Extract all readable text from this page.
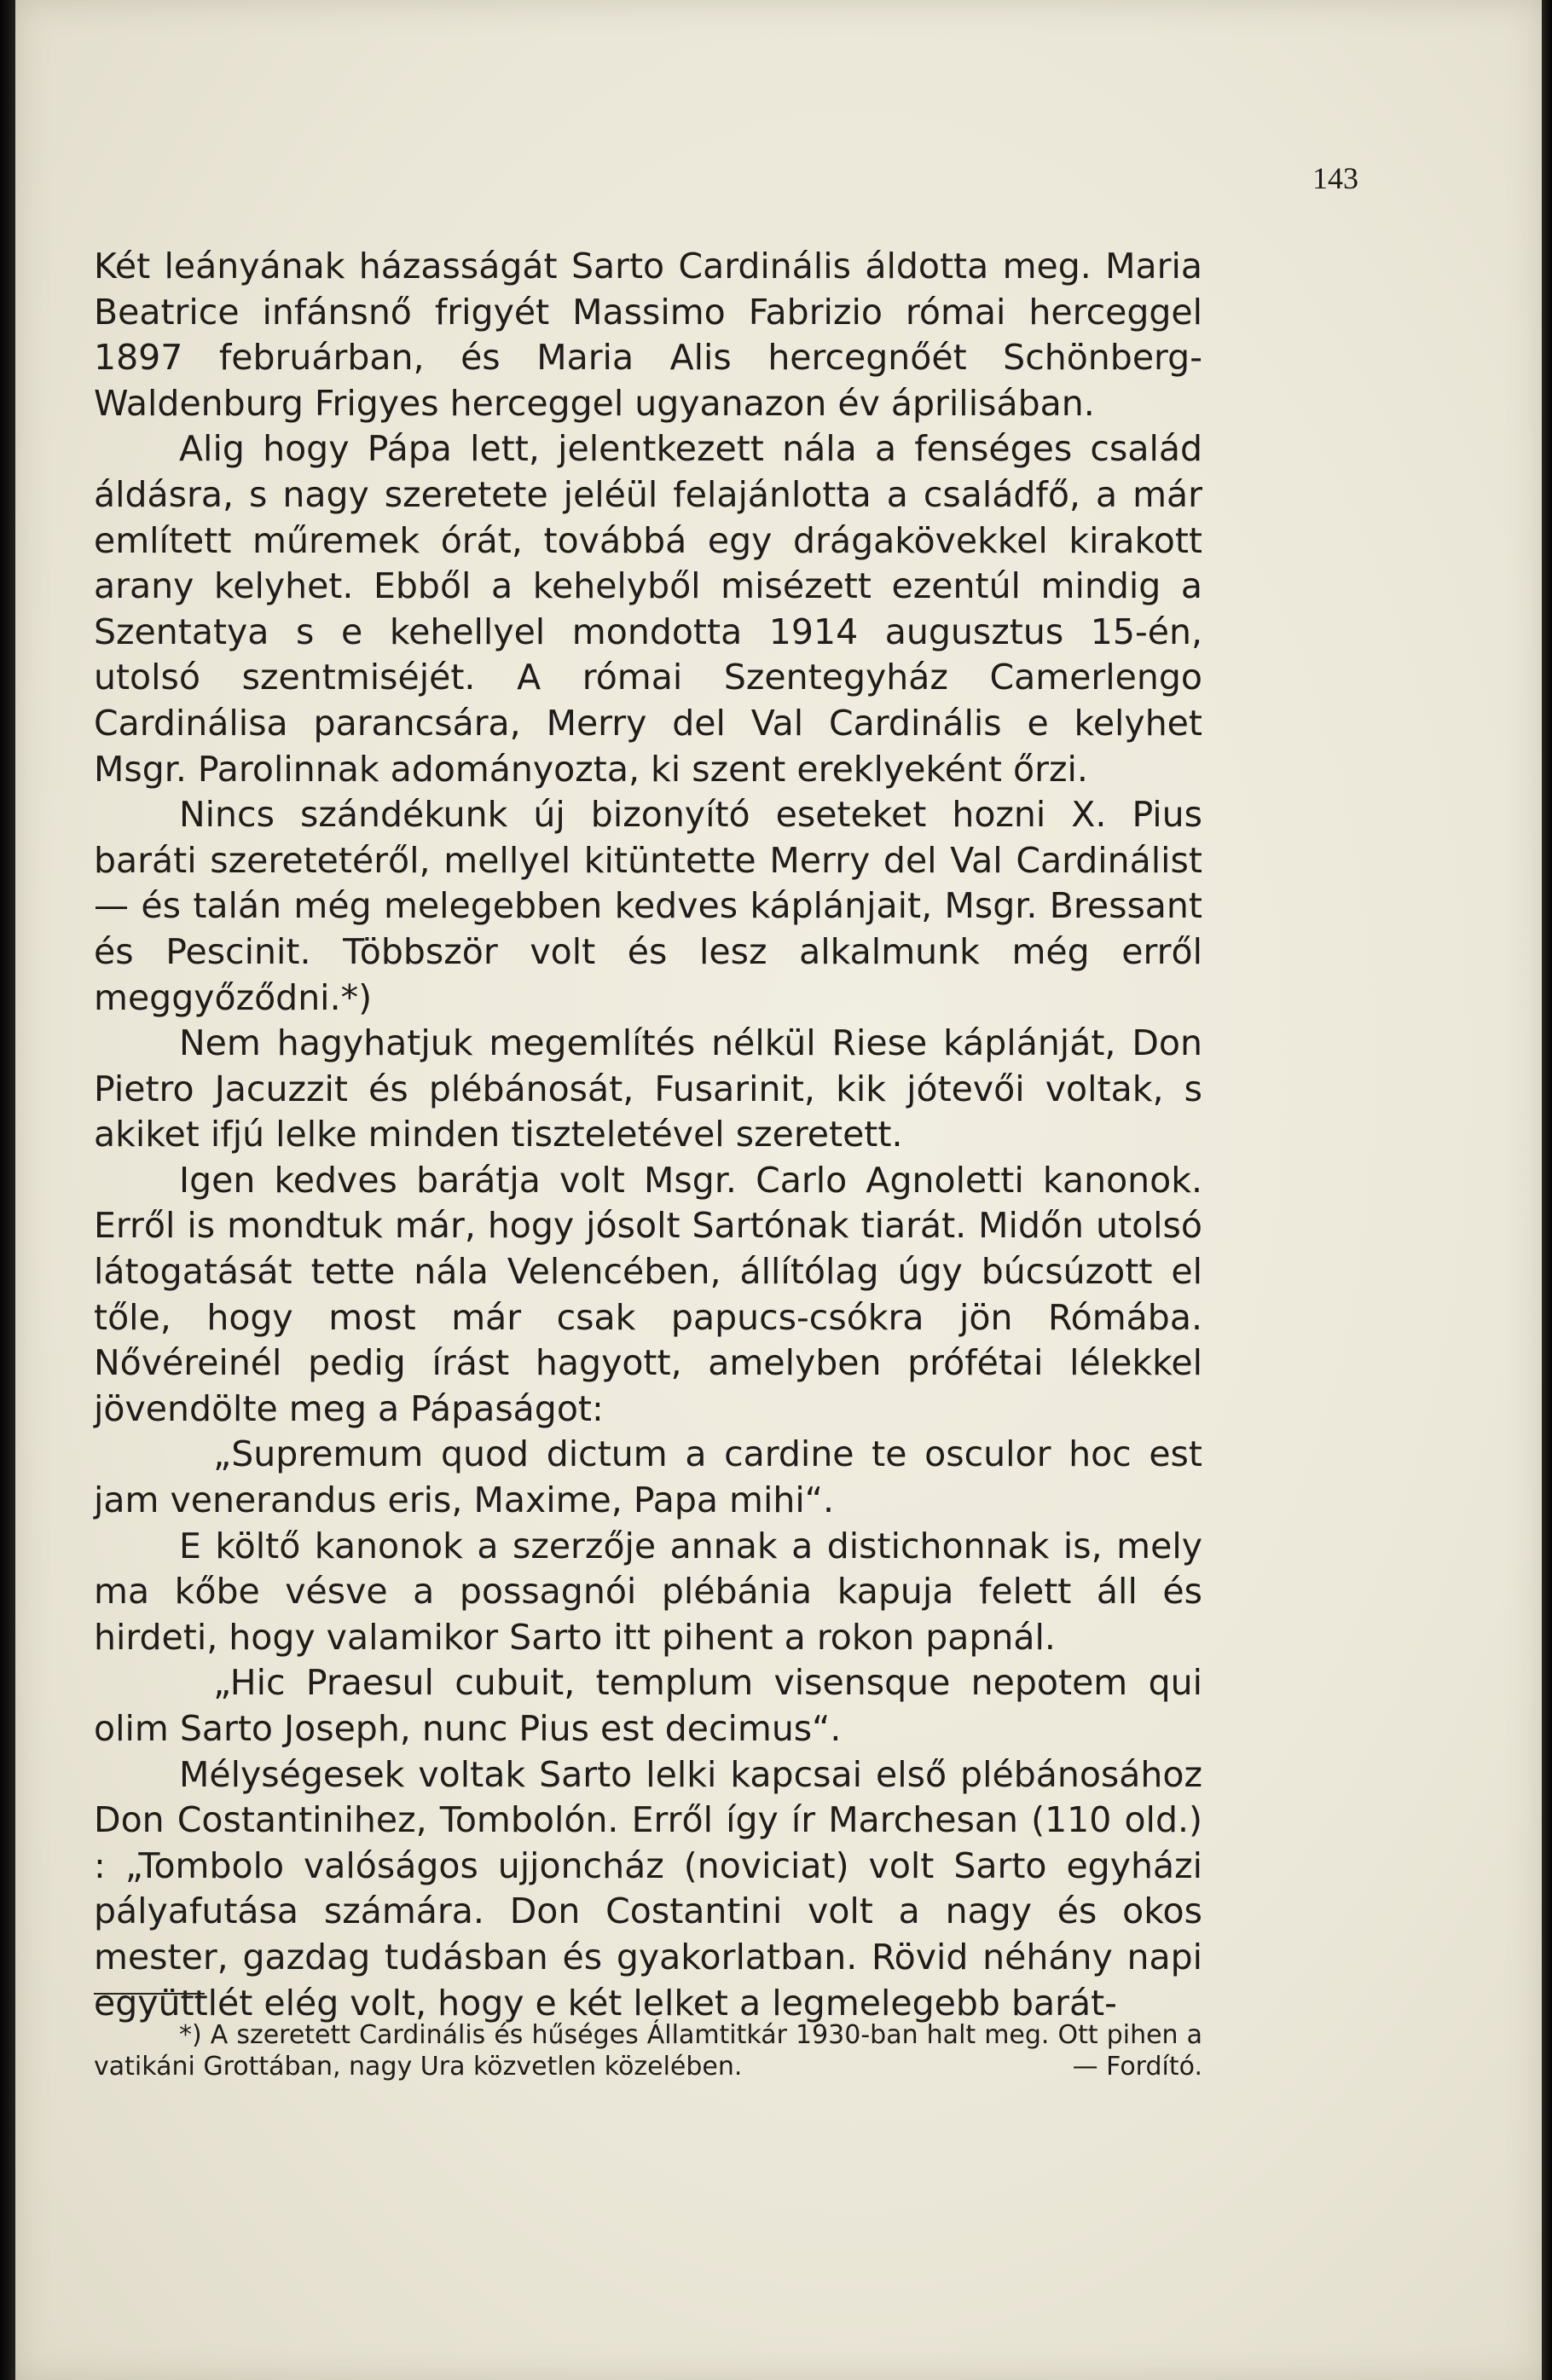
143

Két leányának házasságát Sarto Cardinális áldotta meg. Maria Beatrice infánsnő frigyét Massimo Fabrizio római herceggel 1897 februárban, és Maria Alis hercegnőét Schönberg-Waldenburg Frigyes herceggel ugyanazon év áprilisában.

Alig hogy Pápa lett, jelentkezett nála a fenséges család áldásra, s nagy szeretete jeléül felajánlotta a családfő, a már említett műremek órát, továbbá egy drágakövekkel kirakott arany kelyhet. Ebből a kehelyből misézett ezentúl mindig a Szentatya s e kehellyel mondotta 1914 augusztus 15-én, utolsó szentmiséjét. A római Szentegyház Camerlengo Cardinálisa parancsára, Merry del Val Cardinális e kelyhet Msgr. Parolinnak adományozta, ki szent ereklyeként őrzi.

Nincs szándékunk új bizonyító eseteket hozni X. Pius baráti szeretetéről, mellyel kitüntette Merry del Val Cardinálist — és talán még melegebben kedves káplánjait, Msgr. Bressant és Pescinit. Többször volt és lesz alkalmunk még erről meggyőződni.*)

Nem hagyhatjuk megemlítés nélkül Riese káplánját, Don Pietro Jacuzzit és plébánosát, Fusarinit, kik jótevői voltak, s akiket ifjú lelke minden tiszteletével szeretett.

Igen kedves barátja volt Msgr. Carlo Agnoletti kanonok. Erről is mondtuk már, hogy jósolt Sartónak tiarát. Midőn utolsó látogatását tette nála Velencében, állítólag úgy búcsúzott el tőle, hogy most már csak papucs-csókra jön Rómába. Nővéreinél pedig írást hagyott, amelyben prófétai lélekkel jövendölte meg a Pápaságot:

„Supremum quod dictum a cardine te osculor hoc est jam venerandus eris, Maxime, Papa mihi“.

E költő kanonok a szerzője annak a distichonnak is, mely ma kőbe vésve a possagnói plébánia kapuja felett áll és hirdeti, hogy valamikor Sarto itt pihent a rokon papnál.

„Hic Praesul cubuit, templum visensque nepotem qui olim Sarto Joseph, nunc Pius est decimus“.

Mélységesek voltak Sarto lelki kapcsai első plébánosához Don Costantinihez, Tombolón. Erről így ír Marchesan (110 old.) : „Tombolo valóságos ujjoncház (noviciat) volt Sarto egyházi pályafutása számára. Don Costantini volt a nagy és okos mester, gazdag tudásban és gyakorlatban. Rövid néhány napi együttlét elég volt, hogy e két lelket a legmelegebb barát-

*) A szeretett Cardinális és hűséges Államtitkár 1930-ban halt meg. Ott pihen a vatikáni Grottában, nagy Ura közvetlen közelében.	— Fordító.
